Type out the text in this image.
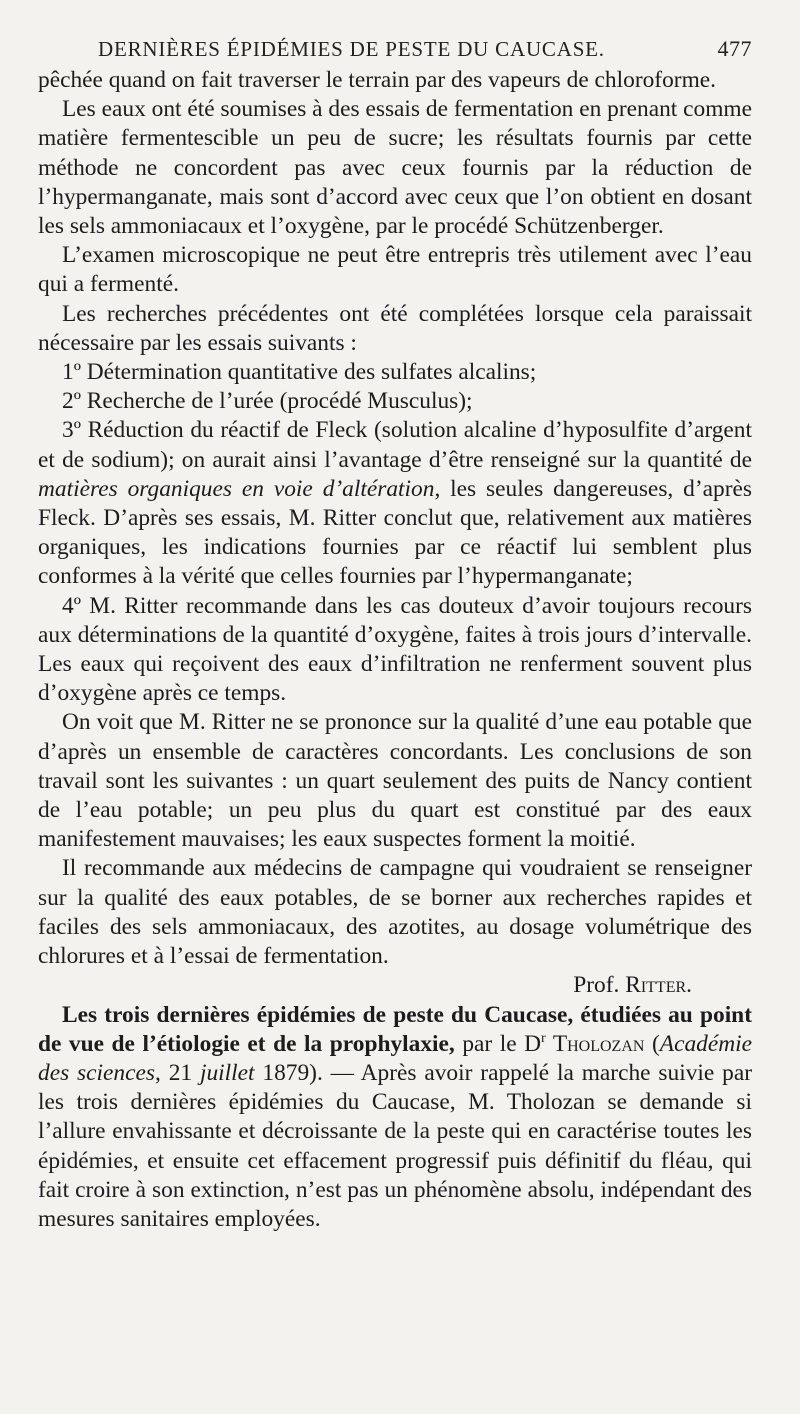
DERNIÈRES ÉPIDÉMIES DE PESTE DU CAUCASE.	477

pêchée quand on fait traverser le terrain par des vapeurs de chloroforme.

Les eaux ont été soumises à des essais de fermentation en prenant comme matière fermentescible un peu de sucre; les résultats fournis par cette méthode ne concordent pas avec ceux fournis par la réduction de l’hypermanganate, mais sont d’accord avec ceux que l’on obtient en dosant les sels ammoniacaux et l’oxygène, par le procédé Schützenberger.

L’examen microscopique ne peut être entrepris très utilement avec l’eau qui a fermenté.

Les recherches précédentes ont été complétées lorsque cela paraissait nécessaire par les essais suivants :

1º Détermination quantitative des sulfates alcalins;

2º Recherche de l’urée (procédé Musculus);

3º Réduction du réactif de Fleck (solution alcaline d’hyposulfite d’argent et de sodium); on aurait ainsi l’avantage d’être renseigné sur la quantité de matières organiques en voie d’altération, les seules dangereuses, d’après Fleck. D’après ses essais, M. Ritter conclut que, relativement aux matières organiques, les indications fournies par ce réactif lui semblent plus conformes à la vérité que celles fournies par l’hypermanganate;

4º M. Ritter recommande dans les cas douteux d’avoir toujours recours aux déterminations de la quantité d’oxygène, faites à trois jours d’intervalle. Les eaux qui reçoivent des eaux d’infiltration ne renferment souvent plus d’oxygène après ce temps.

On voit que M. Ritter ne se prononce sur la qualité d’une eau potable que d’après un ensemble de caractères concordants. Les conclusions de son travail sont les suivantes : un quart seulement des puits de Nancy contient de l’eau potable; un peu plus du quart est constitué par des eaux manifestement mauvaises; les eaux suspectes forment la moitié.

Il recommande aux médecins de campagne qui voudraient se renseigner sur la qualité des eaux potables, de se borner aux recherches rapides et faciles des sels ammoniacaux, des azotites, au dosage volumétrique des chlorures et à l’essai de fermentation.

Prof. Ritter.

Les trois dernières épidémies de peste du Caucase, étudiées au point de vue de l’étiologie et de la prophylaxie, par le $D^r$ Tholozan (Académie des sciences, 21 juillet 1879). — Après avoir rappelé la marche suivie par les trois dernières épidémies du Caucase, M. Tholozan se demande si l’allure envahissante et décroissante de la peste qui en caractérise toutes les épidémies, et ensuite cet effacement progressif puis définitif du fléau, qui fait croire à son extinction, n’est pas un phénomène absolu, indépendant des mesures sanitaires employées.
